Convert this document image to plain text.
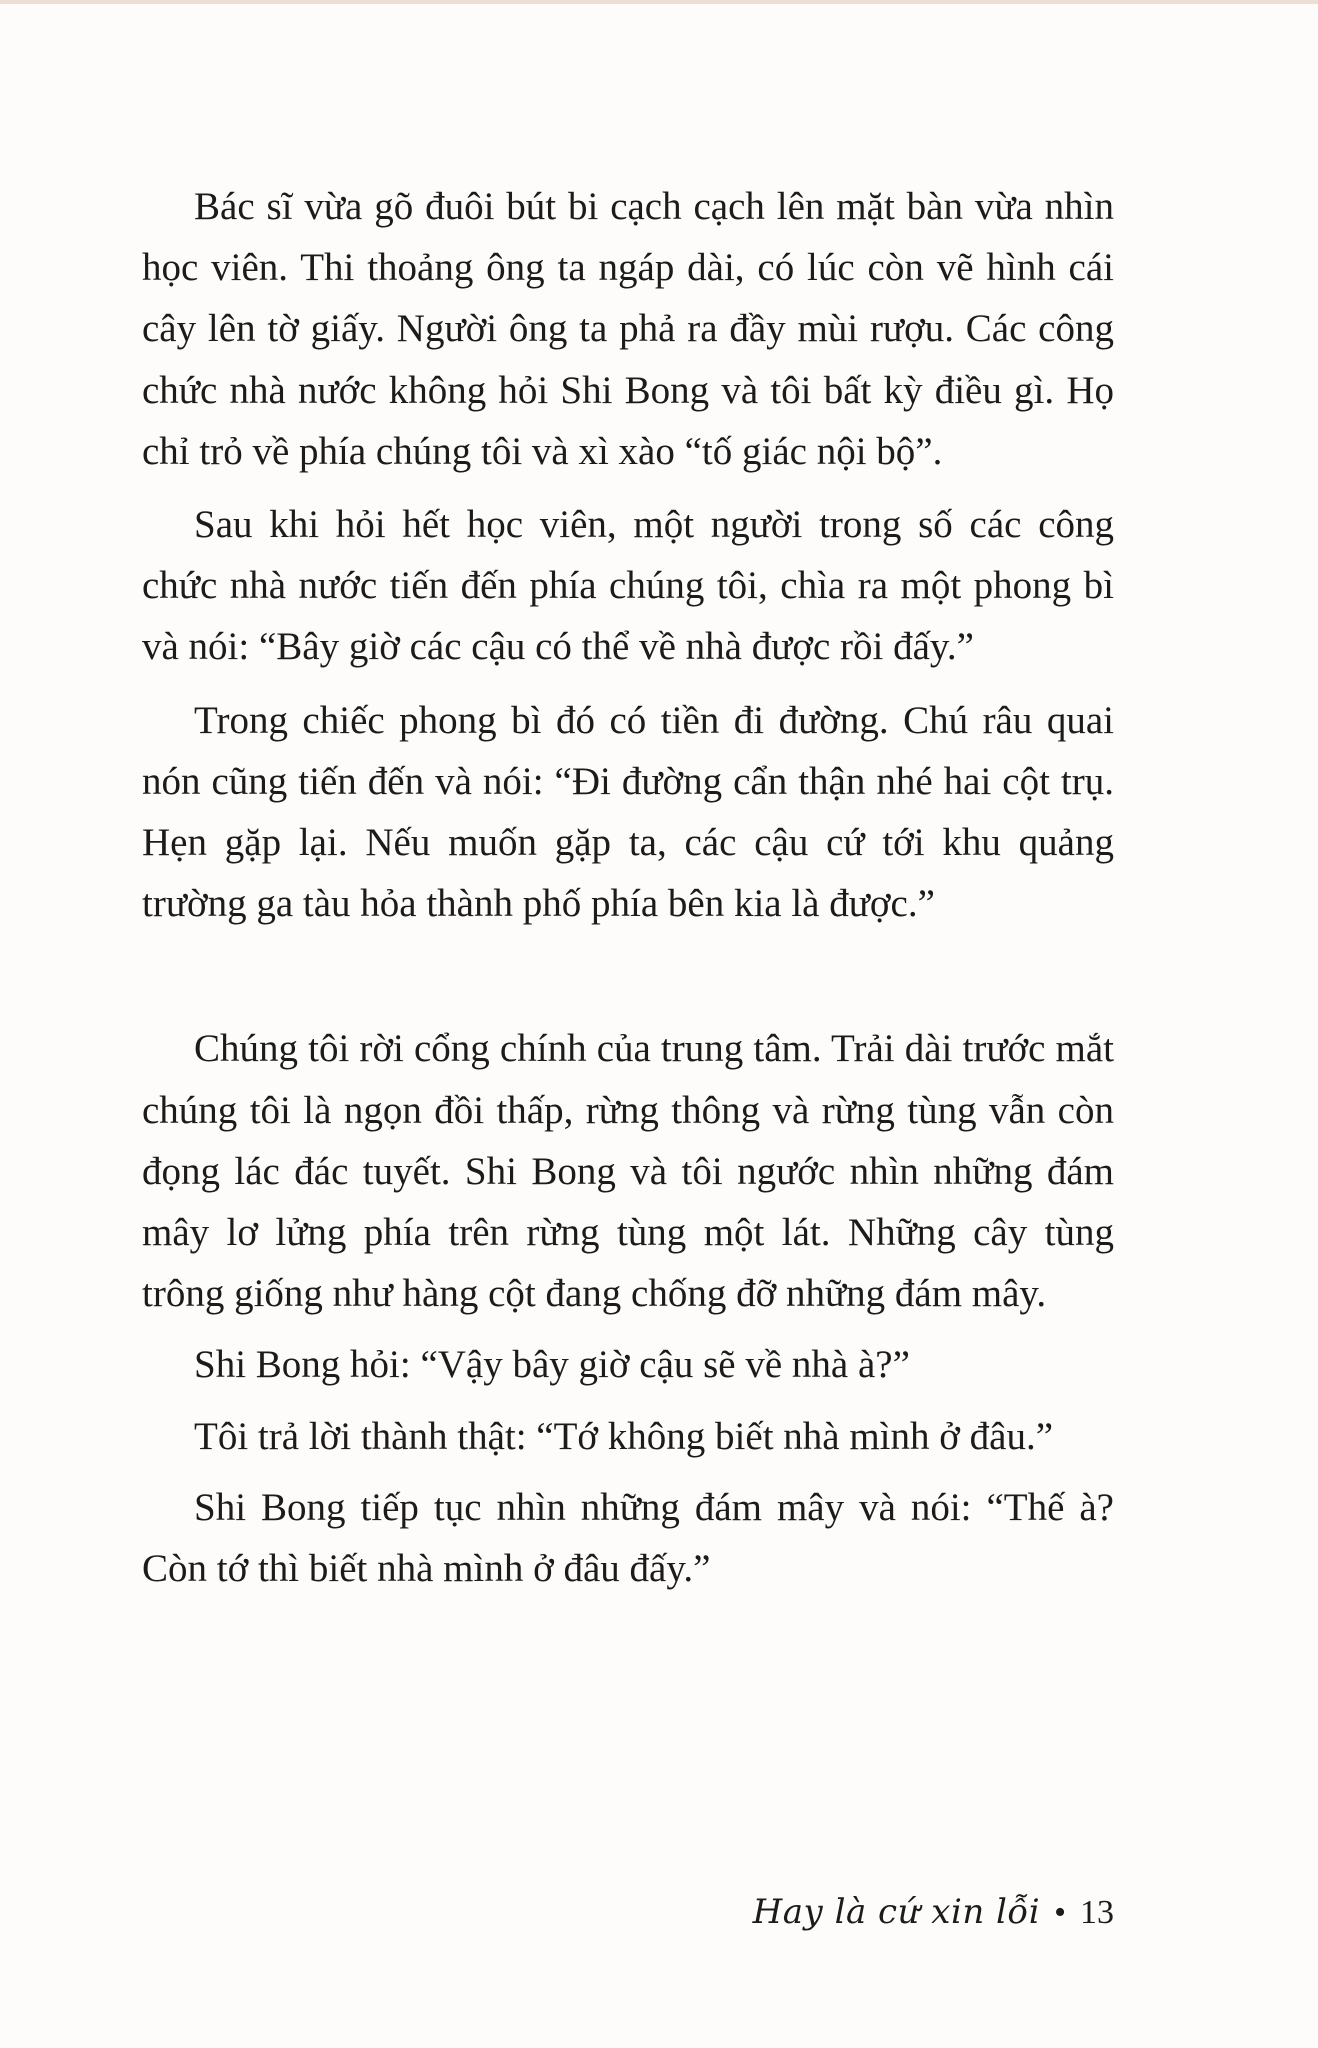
Bác sĩ vừa gõ đuôi bút bi cạch cạch lên mặt bàn vừa nhìn học viên. Thi thoảng ông ta ngáp dài, có lúc còn vẽ hình cái cây lên tờ giấy. Người ông ta phả ra đầy mùi rượu. Các công chức nhà nước không hỏi Shi Bong và tôi bất kỳ điều gì. Họ chỉ trỏ về phía chúng tôi và xì xào “tố giác nội bộ”.

Sau khi hỏi hết học viên, một người trong số các công chức nhà nước tiến đến phía chúng tôi, chìa ra một phong bì và nói: “Bây giờ các cậu có thể về nhà được rồi đấy.”

Trong chiếc phong bì đó có tiền đi đường. Chú râu quai nón cũng tiến đến và nói: “Đi đường cẩn thận nhé hai cột trụ. Hẹn gặp lại. Nếu muốn gặp ta, các cậu cứ tới khu quảng trường ga tàu hỏa thành phố phía bên kia là được.”

Chúng tôi rời cổng chính của trung tâm. Trải dài trước mắt chúng tôi là ngọn đồi thấp, rừng thông và rừng tùng vẫn còn đọng lác đác tuyết. Shi Bong và tôi ngước nhìn những đám mây lơ lửng phía trên rừng tùng một lát. Những cây tùng trông giống như hàng cột đang chống đỡ những đám mây.

Shi Bong hỏi: “Vậy bây giờ cậu sẽ về nhà à?”

Tôi trả lời thành thật: “Tớ không biết nhà mình ở đâu.”

Shi Bong tiếp tục nhìn những đám mây và nói: “Thế à? Còn tớ thì biết nhà mình ở đâu đấy.”

Hay là cứ xin lỗi • 13
